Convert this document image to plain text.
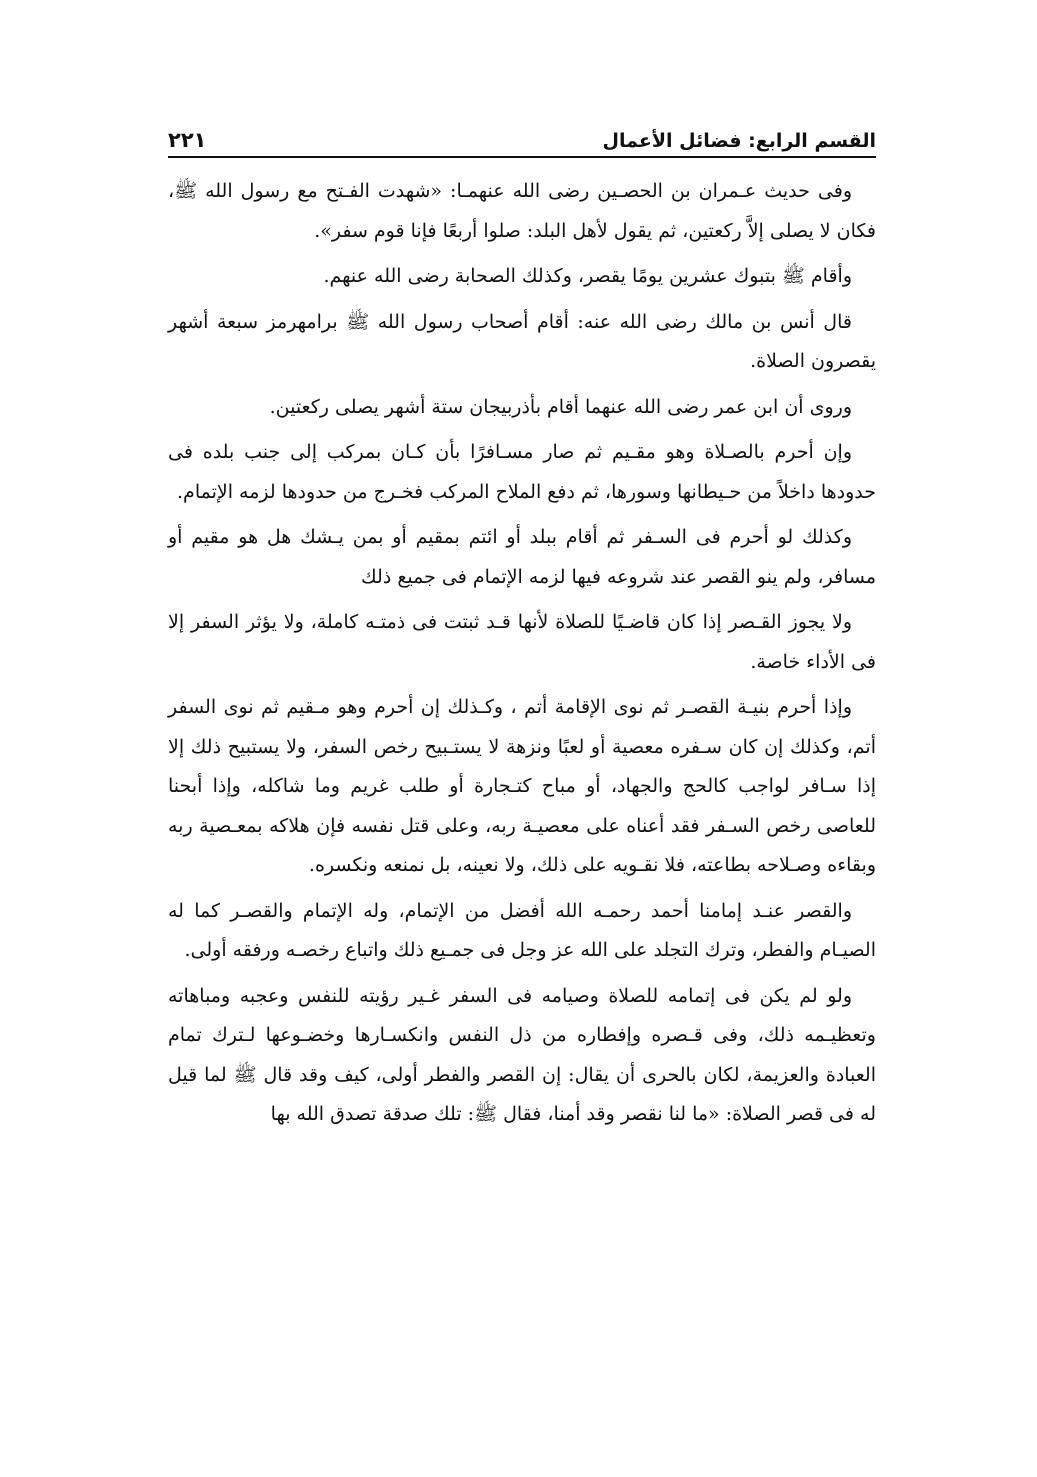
القسم الرابع: فضائل الأعمال
٢٢١

وفى حديث عـمران بن الحصـين رضى الله عنهمـا: «شهدت الفـتح مع رسول الله ﷺ، فكان لا يصلى إلاَّ ركعتين، ثم يقول لأهل البلد: صلوا أربعًا فإنا قوم سفر».

وأقام ﷺ بتبوك عشرين يومًا يقصر، وكذلك الصحابة رضى الله عنهم.

قال أنس بن مالك رضى الله عنه: أقام أصحاب رسول الله ﷺ برامهرمز سبعة أشهر يقصرون الصلاة.

وروى أن ابن عمر رضى الله عنهما أقام بأذربيجان ستة أشهر يصلى ركعتين.

وإن أحرم بالصـلاة وهو مقـيم ثم صار مسـافرًا بأن كـان بمركب إلى جنب بلده فى حدودها داخلاً من حـيطانها وسورها، ثم دفع الملاح المركب فخـرج من حدودها لزمه الإتمام.

وكذلك لو أحرم فى السـفر ثم أقام ببلد أو ائتم بمقيم أو بمن يـشك هل هو مقيم أو مسافر، ولم ينو القصر عند شروعه فيها لزمه الإتمام فى جميع ذلك

ولا يجوز القـصر إذا كان قاضـيًا للصلاة لأنها قـد ثبتت فى ذمتـه كاملة، ولا يؤثر السفر إلا فى الأداء خاصة.

وإذا أحرم بنيـة القصـر ثم نوى الإقامة أتم ، وكـذلك إن أحرم وهو مـقيم ثم نوى السفر أتم، وكذلك إن كان سـفره معصية أو لعبًا ونزهة لا يستـبيح رخص السفر، ولا يستبيح ذلك إلا إذا سـافر لواجب كالحج والجهاد، أو مباح كتـجارة أو طلب غريم وما شاكله، وإذا أبحنا للعاصى رخص السـفر فقد أعناه على معصيـة ربه، وعلى قتل نفسه فإن هلاكه بمعـصية ربه وبقاءه وصـلاحه بطاعته، فلا نقـويه على ذلك، ولا نعينه، بل نمنعه ونكسره.

والقصر عنـد إمامنا أحمد رحمـه الله أفضل من الإتمام، وله الإتمام والقصـر كما له الصيـام والفطر، وترك التجلد على الله عز وجل فى جمـيع ذلك واتباع رخصـه ورفقه أولى.

ولو لم يكن فى إتمامه للصلاة وصيامه فى السفر غـير رؤيته للنفس وعجبه ومباهاته وتعظيـمه ذلك، وفى قـصره وإفطاره من ذل النفس وانكسـارها وخضـوعها لـترك تمام العبادة والعزيمة، لكان بالحرى أن يقال: إن القصر والفطر أولى، كيف وقد قال ﷺ لما قيل له فى قصر الصلاة: «ما لنا نقصر وقد أمنا، فقال ﷺ: تلك صدقة تصدق الله بها
